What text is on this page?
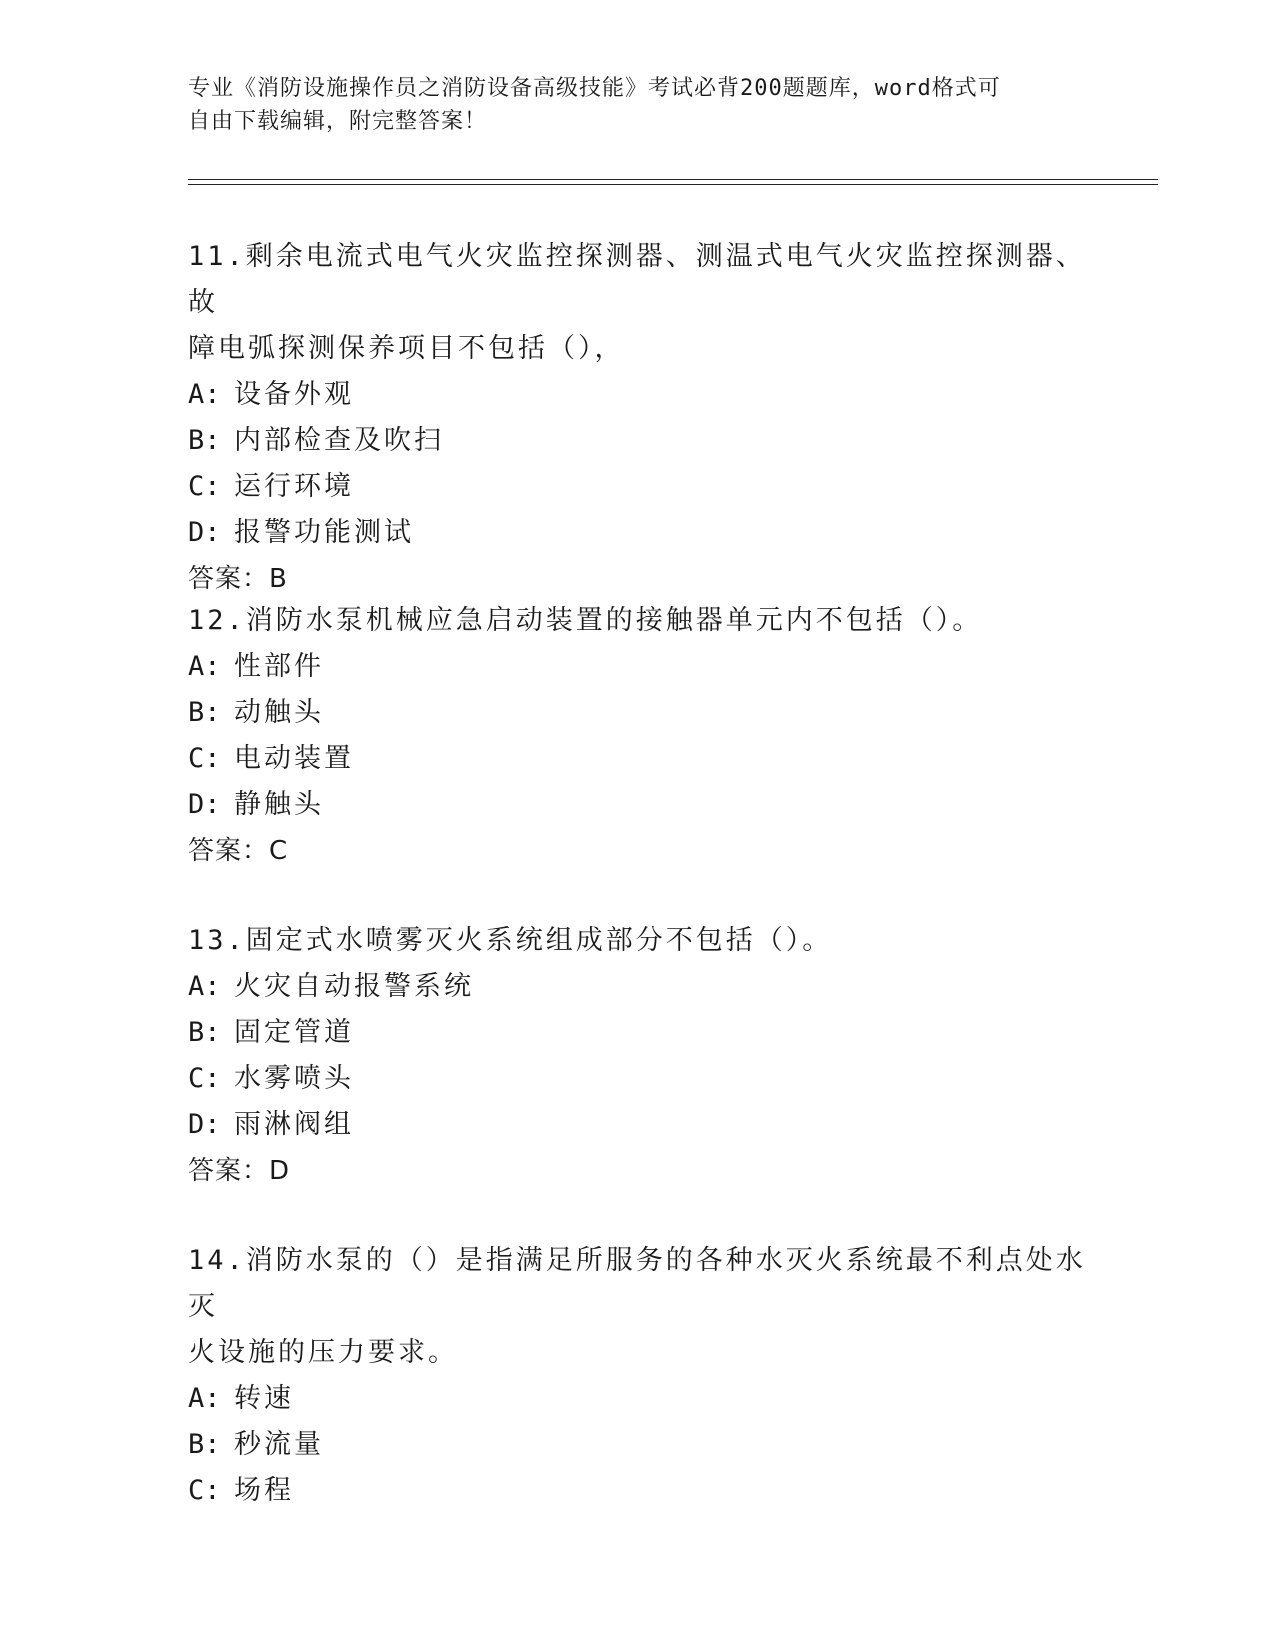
专业《消防设施操作员之消防设备高级技能》考试必背200题题库，word格式可
自由下载编辑，附完整答案！
11.剩余电流式电气火灾监控探测器、测温式电气火灾监控探测器、故
障电弧探测保养项目不包括（），
A: 设备外观
B: 内部检查及吹扫
C: 运行环境
D: 报警功能测试
答案：B
12.消防水泵机械应急启动装置的接触器单元内不包括（）。
A: 性部件
B: 动触头
C: 电动装置
D: 静触头
答案：C
13.固定式水喷雾灭火系统组成部分不包括（）。
A: 火灾自动报警系统
B: 固定管道
C: 水雾喷头
D: 雨淋阀组
答案：D
14.消防水泵的（）是指满足所服务的各种水灭火系统最不利点处水灭
火设施的压力要求。
A: 转速
B: 秒流量
C: 场程
